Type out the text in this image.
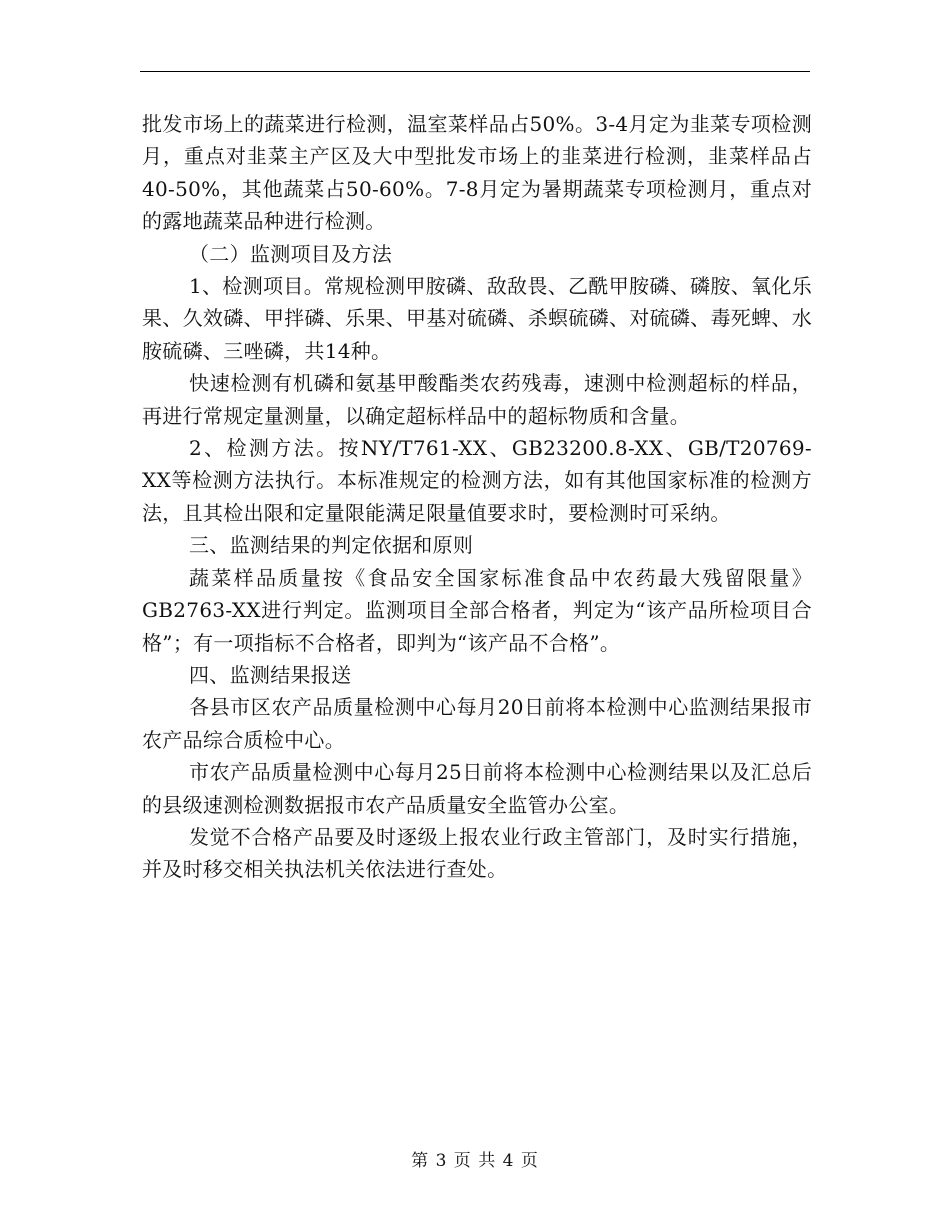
批发市场上的蔬菜进行检测，温室菜样品占50%。3-4月定为韭菜专项检测月，重点对韭菜主产区及大中型批发市场上的韭菜进行检测，韭菜样品占40-50%，其他蔬菜占50-60%。7-8月定为暑期蔬菜专项检测月，重点对的露地蔬菜品种进行检测。

（二）监测项目及方法

1、检测项目。常规检测甲胺磷、敌敌畏、乙酰甲胺磷、磷胺、氧化乐果、久效磷、甲拌磷、乐果、甲基对硫磷、杀螟硫磷、对硫磷、毒死蜱、水胺硫磷、三唑磷，共14种。

快速检测有机磷和氨基甲酸酯类农药残毒，速测中检测超标的样品，再进行常规定量测量，以确定超标样品中的超标物质和含量。

2、检测方法。按NY/T761-XX、GB23200.8-XX、GB/T20769-XX等检测方法执行。本标准规定的检测方法，如有其他国家标准的检测方法，且其检出限和定量限能满足限量值要求时，要检测时可采纳。

三、监测结果的判定依据和原则

蔬菜样品质量按《食品安全国家标准食品中农药最大残留限量》GB2763-XX进行判定。监测项目全部合格者，判定为“该产品所检项目合格”；有一项指标不合格者，即判为“该产品不合格”。

四、监测结果报送

各县市区农产品质量检测中心每月20日前将本检测中心监测结果报市农产品综合质检中心。

市农产品质量检测中心每月25日前将本检测中心检测结果以及汇总后的县级速测检测数据报市农产品质量安全监管办公室。

发觉不合格产品要及时逐级上报农业行政主管部门，及时实行措施，并及时移交相关执法机关依法进行查处。

第 3 页 共 4 页
